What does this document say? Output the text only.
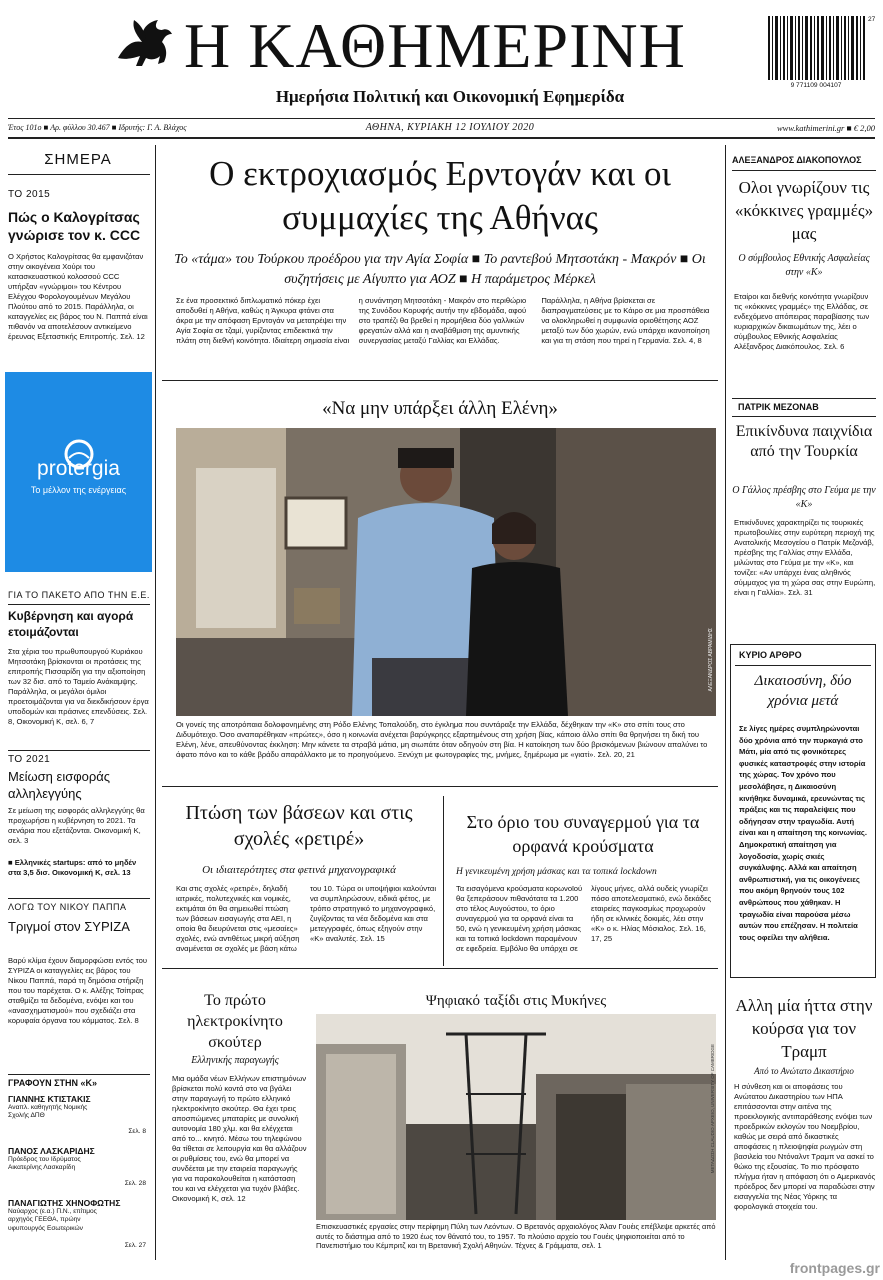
Η ΚΑΘΗΜΕΡΙΝΗ
Ημερήσια Πολιτική και Οικονομική Εφημερίδα
9 771109 004107
27
Έτος 101ο ■ Αρ. φύλλου 30.467 ■ Ιδρυτής: Γ. Α. Βλάχος	ΑΘΗΝΑ, ΚΥΡΙΑΚΗ 12 ΙΟΥΛΙΟΥ 2020	www.kathimerini.gr ■ € 2,00
ΣΗΜΕΡΑ
ΤΟ 2015
Πώς ο Καλογρίτσας γνώρισε τον κ. CCC
Ο Χρήστος Καλογρίτσας θα εμφανιζόταν στην οικογένεια Χούρι του κατασκευαστικού κολοσσού CCC υπήρξαν «γνώριμοι» του Κέντρου Ελέγχου Φορολογουμένων Μεγάλου Πλούτου από το 2015. Παράλληλα, οι καταγγελίες εις βάρος του Ν. Παππά είναι πιθανόν να αποτελέσουν αντικείμενο έρευνας Εξεταστικής Επιτροπής. Σελ. 12
protergia
Το μέλλον της ενέργειας
ΓΙΑ ΤΟ ΠΑΚΕΤΟ ΑΠΟ ΤΗΝ Ε.Ε.
Κυβέρνηση και αγορά ετοιμάζονται
Στα χέρια του πρωθυπουργού Κυριάκου Μητσοτάκη βρίσκονται οι προτάσεις της επιτροπής Πισσαρίδη για την αξιοποίηση των 32 δισ. από το Ταμείο Ανάκαμψης. Παράλληλα, οι μεγάλοι όμιλοι προετοιμάζονται για να διεκδικήσουν έργα υποδομών και πράσινες επενδύσεις. Σελ. 8, Οικονομική Κ, σελ. 6, 7
ΤΟ 2021
Μείωση εισφοράς αλληλεγγύης
Σε μείωση της εισφοράς αλληλεγγύης θα προχωρήσει η κυβέρνηση το 2021. Τα σενάρια που εξετάζονται. Οικονομική Κ, σελ. 3
■ Ελληνικές startups: από το μηδέν στα 3,5 δισ. Οικονομική Κ, σελ. 13
ΛΟΓΩ ΤΟΥ ΝΙΚΟΥ ΠΑΠΠΑ
Τριγμοί στον ΣΥΡΙΖΑ
Βαρύ κλίμα έχουν διαμορφώσει εντός του ΣΥΡΙΖΑ οι καταγγελίες εις βάρος του Νίκου Παππά, παρά τη δημόσια στήριξη που του παρέχεται. Ο κ. Αλέξης Τσίπρας σταθμίζει τα δεδομένα, ενόψει και του «ανασχηματισμού» που σχεδιάζει στα κορυφαία όργανα του κόμματος. Σελ. 8
ΓΡΑΦΟΥΝ ΣΤΗΝ «Κ»
ΓΙΑΝΝΗΣ ΚΤΙΣΤΑΚΙΣ
Αναπλ. καθηγητής Νομικής Σχολής ΔΠΘ
Σελ. 8
ΠΑΝΟΣ ΛΑΣΚΑΡΙΔΗΣ
Πρόεδρος του Ιδρύματος Αικατερίνης Λασκαρίδη
Σελ. 28
ΠΑΝΑΓΙΩΤΗΣ ΧΗΝΟΦΩΤΗΣ
Ναύαρχος (ε.α.) Π.Ν., επίτιμος αρχηγός ΓΕΕΘΑ, πρώην υφυπουργός Εσωτερικών
Σελ. 27
Ο εκτροχιασμός Ερντογάν και οι συμμαχίες της Αθήνας
Το «τάμα» του Τούρκου προέδρου για την Αγία Σοφία ■ Το ραντεβού Μητσοτάκη - Μακρόν ■ Οι συζητήσεις με Αίγυπτο για ΑΟΖ ■ Η παράμετρος Μέρκελ
Σε ένα προσεκτικό διπλωματικό πόκερ έχει αποδυθεί η Αθήνα, καθώς η Άγκυρα φτάνει στα άκρα με την απόφαση Ερντογάν να μετατρέψει την Αγία Σοφία σε τζαμί, γυρίζοντας επιδεικτικά την πλάτη στη διεθνή κοινότητα. Ιδιαίτερη σημασία είναι η συνάντηση Μητσοτάκη - Μακρόν στο περιθώριο της Συνόδου Κορυφής αυτήν την εβδομάδα, αφού στο τραπέζι θα βρεθεί η προμήθεια δύο γαλλικών φρεγατών αλλά και η αναβάθμιση της αμυντικής συνεργασίας μεταξύ Γαλλίας και Ελλάδας. Παράλληλα, η Αθήνα βρίσκεται σε διαπραγματεύσεις με το Κάιρο σε μια προσπάθεια να ολοκληρωθεί η συμφωνία οριοθέτησης ΑΟΖ μεταξύ των δύο χωρών, ενώ υπάρχει ικανοποίηση και για τη στάση που τηρεί η Γερμανία. Σελ. 4, 8
«Να μην υπάρξει άλλη Ελένη»
ΑΛΕΞΑΝΔΡΟΣ ΑΒΡΑΜΙΔΗΣ
Οι γονείς της αποτρόπαια δολοφονημένης στη Ρόδο Ελένης Τοπαλούδη, στο έγκλημα που συντάραξε την Ελλάδα, δέχθηκαν την «Κ» στο σπίτι τους στο Διδυμότειχο. Όσο αναπαρέθηκαν «πρώτες», όσο η κοινωνία ανέχεται βαρύγκρηςς εξαρτημένους στη χρήση βίας, κάποιο άλλο σπίτι θα θρηνήσει τη δική του Ελένη, λένε, απευθύνοντας έκκληση: Μην κάνετε τα στραβά μάτια, μη σιωπάτε όταν οδηγούν στη βία. Η κατοίκηση των δύο βρισκόμενων βιώνουν απαλύνει το άφατο πόνο και το κάθε βράδυ απαράλλακτο με το προηγούμενο. Ξενύχτι με φωτογραφίες της, μνήμες, ξημέρωμα με «γιατί». Σελ. 20, 21
Πτώση των βάσεων και στις σχολές «ρετιρέ»
Οι ιδιαιτερότητες στα φετινά μηχανογραφικά
Και στις σχολές «ρετιρέ», δηλαδή ιατρικές, πολυτεχνικές και νομικές, εκτιμάται ότι θα σημειωθεί πτώση των βάσεων εισαγωγής στα ΑΕΙ, η οποία θα διευρύνεται στις «μεσαίες» σχολές, ενώ αντιθέτως μικρή αύξηση αναμένεται σε σχολές με βάση κάτω του 10. Τώρα οι υποψήφιοι καλούνται να συμπληρώσουν, ειδικά φέτος, με τρόπο στρατηγικό το μηχανογραφικό, ζυγίζοντας τα νέα δεδομένα και στα μετεγγραφές, όπως εξηγούν στην «Κ» αναλυτές. Σελ. 15
Στο όριο του συναγερμού για τα ορφανά κρούσματα
Η γενικευμένη χρήση μάσκας και τα τοπικά lockdown
Τα εισαγόμενα κρούσματα κορωνοϊού θα ξεπεράσουν πιθανότατα τα 1.200 στο τέλος Αυγούστου, το όριο συναγερμού για τα ορφανά είναι τα 50, ενώ η γενικευμένη χρήση μάσκας και τα τοπικά lockdown παραμένουν σε εφεδρεία. Εμβόλιο θα υπάρχει σε λίγους μήνες, αλλά ουδείς γνωρίζει πόσο αποτελεσματικό, ενώ δεκάδες εταιρείες παγκοσμίως προχωρούν ήδη σε κλινικές δοκιμές, λέει στην «Κ» ο κ. Ηλίας Μόσιαλος. Σελ. 16, 17, 25
Το πρώτο ηλεκτροκίνητο σκούτερ
Ελληνικής παραγωγής
Μια ομάδα νέων Ελλήνων επιστημόνων βρίσκεται πολύ κοντά στο να βγάλει στην παραγωγή το πρώτο ελληνικό ηλεκτροκίνητο σκούτερ. Θα έχει τρεις αποσπώμενες μπαταρίες με συνολική αυτονομία 180 χλμ. και θα ελέγχεται από το... κινητό. Μέσω του τηλεφώνου θα τίθεται σε λειτουργία και θα αλλάζουν οι ρυθμίσεις του, ενώ θα μπορεί να συνδέεται με την εταιρεία παραγωγής για να παρακολουθείται η κατάσταση του και να ελέγχεται για τυχόν βλάβες. Οικονομική Κ, σελ. 12
Ψηφιακό ταξίδι στις Μυκήνες
ΜΕΤΑΔΟΣΗ CLAUDIO ΑΡΧΕΙΟ, UNIVERSITY OF CAMBRIDGE
Επισκευαστικές εργασίες στην περίφημη Πύλη των Λεόντων. Ο Βρετανός αρχαιολόγος Άλαν Γουέις επέβλεψε αρκετές από αυτές το διάστημα από το 1920 έως τον θάνατό του, το 1957. Το πλούσιο αρχείο του Γουέις ψηφιοποιείται από το Πανεπιστήμιο του Κέμπριτζ και τη Βρετανική Σχολή Αθηνών. Τέχνες & Γράμματα, σελ. 1
ΑΛΕΞΑΝΔΡΟΣ ΔΙΑΚΟΠΟΥΛΟΣ
Ολοι γνωρίζουν τις «κόκκινες γραμμές» μας
Ο σύμβουλος Εθνικής Ασφαλείας στην «Κ»
Εταίροι και διεθνής κοινότητα γνωρίζουν τις «κόκκινες γραμμές» της Ελλάδας, σε ενδεχόμενο απόπειρας παραβίασης των κυριαρχικών δικαιωμάτων της, λέει ο σύμβουλος Εθνικής Ασφαλείας Αλέξανδρος Διακόπουλος. Σελ. 6
ΠΑΤΡΙΚ ΜΕΖΟΝΑΒ
Επικίνδυνα παιχνίδια από την Τουρκία
Ο Γάλλος πρέσβης στο Γεύμα με την «Κ»
Επικίνδυνες χαρακτηρίζει τις τουρκικές πρωτοβουλίες στην ευρύτερη περιοχή της Ανατολικής Μεσογείου ο Πατρίκ Μεζονάβ, πρέσβης της Γαλλίας στην Ελλάδα, μιλώντας στο Γεύμα με την «Κ», και τονίζει: «Αν υπάρχει ένας αληθινός σύμμαχος για τη χώρα σας στην Ευρώπη, είναι η Γαλλία». Σελ. 31
ΚΥΡΙΟ ΑΡΘΡΟ
Δικαιοσύνη, δύο χρόνια μετά
Σε λίγες ημέρες συμπληρώνονται δύο χρόνια από την πυρκαγιά στο Μάτι, μία από τις φονικότερες φυσικές καταστροφές στην ιστορία της χώρας. Τον χρόνο που μεσολάβησε, η Δικαιοσύνη κινήθηκε δυναμικά, ερευνώντας τις πράξεις και τις παραλείψεις που οδήγησαν στην τραγωδία. Αυτή είναι και η απαίτηση της κοινωνίας. Δημοκρατική απαίτηση για λογοδοσία, χωρίς σκιές συγκάλυψης. Αλλά και απαίτηση ανθρωπιστική, για τις οικογένειες που ακόμη θρηνούν τους 102 ανθρώπους που χάθηκαν. Η τραγωδία είναι παρούσα μέσω αυτών που επέζησαν. Η πολιτεία τους οφείλει την αλήθεια.
Αλλη μία ήττα στην κούρσα για τον Τραμπ
Από το Ανώτατο Δικαστήριο
Η σύνθεση και οι αποφάσεις του Ανώτατου Δικαστηρίου των ΗΠΑ επιτάσσονται στην αιτένα της προεκλογικής αντιπαράθεσης ενόψει των προεδρικών εκλογών του Νοεμβρίου, καθώς με σειρά από δικαστικές αποφάσεις η πλειοψηφία ρωγμών στη βασιλεία του Ντόναλντ Τραμπ να ασκεί το θώκο της εξουσίας. Το πιο πρόσφατο πλήγμα ήταν η απόφαση ότι ο Αμερικανός πρόεδρος δεν μπορεί να παραδώσει στην εισαγγελία της Νέας Υόρκης τα φορολογικά στοιχεία του.
frontpages.gr
